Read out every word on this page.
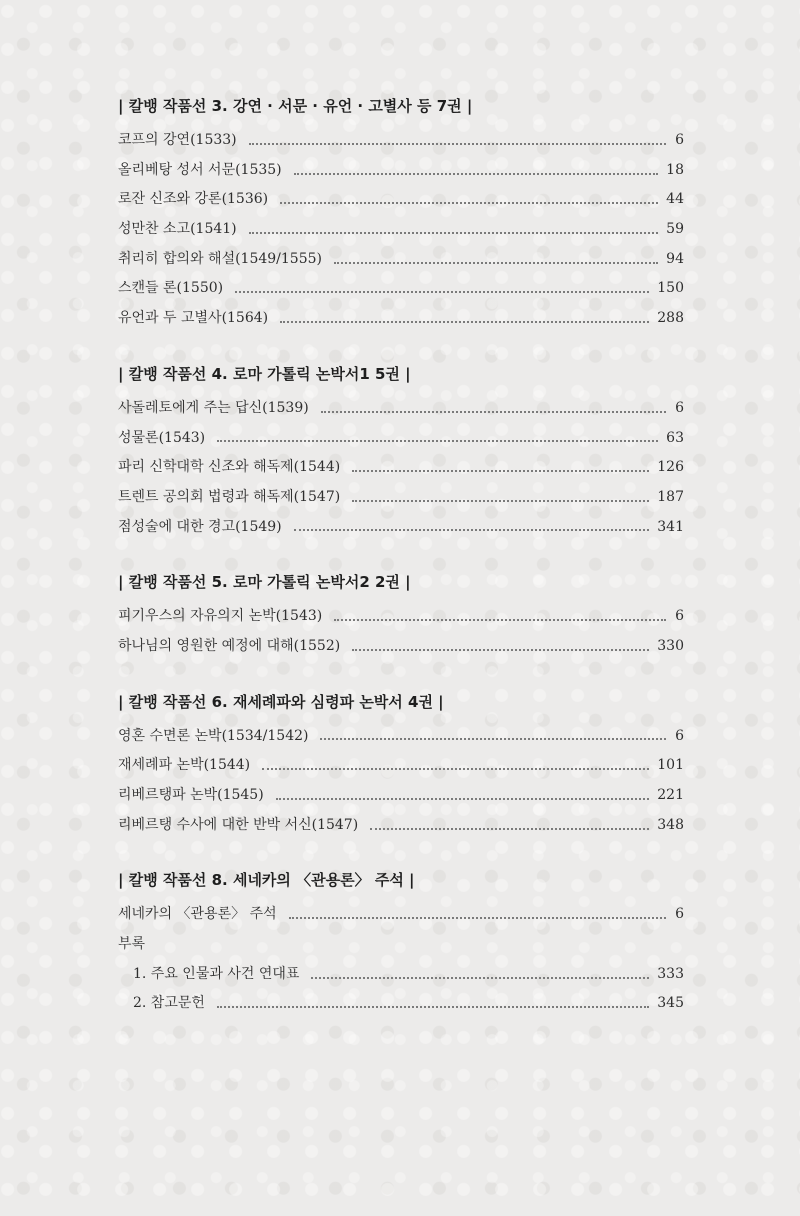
| 칼뱅 작품선 3. 강연 · 서문 · 유언 · 고별사 등 7권 |
코프의 강연(1533)	6
올리베탕 성서 서문(1535)	18
로잔 신조와 강론(1536)	44
성만찬 소고(1541)	59
취리히 합의와 해설(1549/1555)	94
스캔들 론(1550)	150
유언과 두 고별사(1564)	288
| 칼뱅 작품선 4. 로마 가톨릭 논박서1 5권 |
사돌레토에게 주는 답신(1539)	6
성물론(1543)	63
파리 신학대학 신조와 해독제(1544)	126
트렌트 공의회 법령과 해독제(1547)	187
점성술에 대한 경고(1549)	341
| 칼뱅 작품선 5. 로마 가톨릭 논박서2 2권 |
피기우스의 자유의지 논박(1543)	6
하나님의 영원한 예정에 대해(1552)	330
| 칼뱅 작품선 6. 재세례파와 심령파 논박서 4권 |
영혼 수면론 논박(1534/1542)	6
재세례파 논박(1544)	101
리베르탱파 논박(1545)	221
리베르탱 수사에 대한 반박 서신(1547)	348
| 칼뱅 작품선 8. 세네카의 〈관용론〉 주석 |
세네카의 〈관용론〉 주석	6
부록
1. 주요 인물과 사건 연대표	333
2. 참고문헌	345
